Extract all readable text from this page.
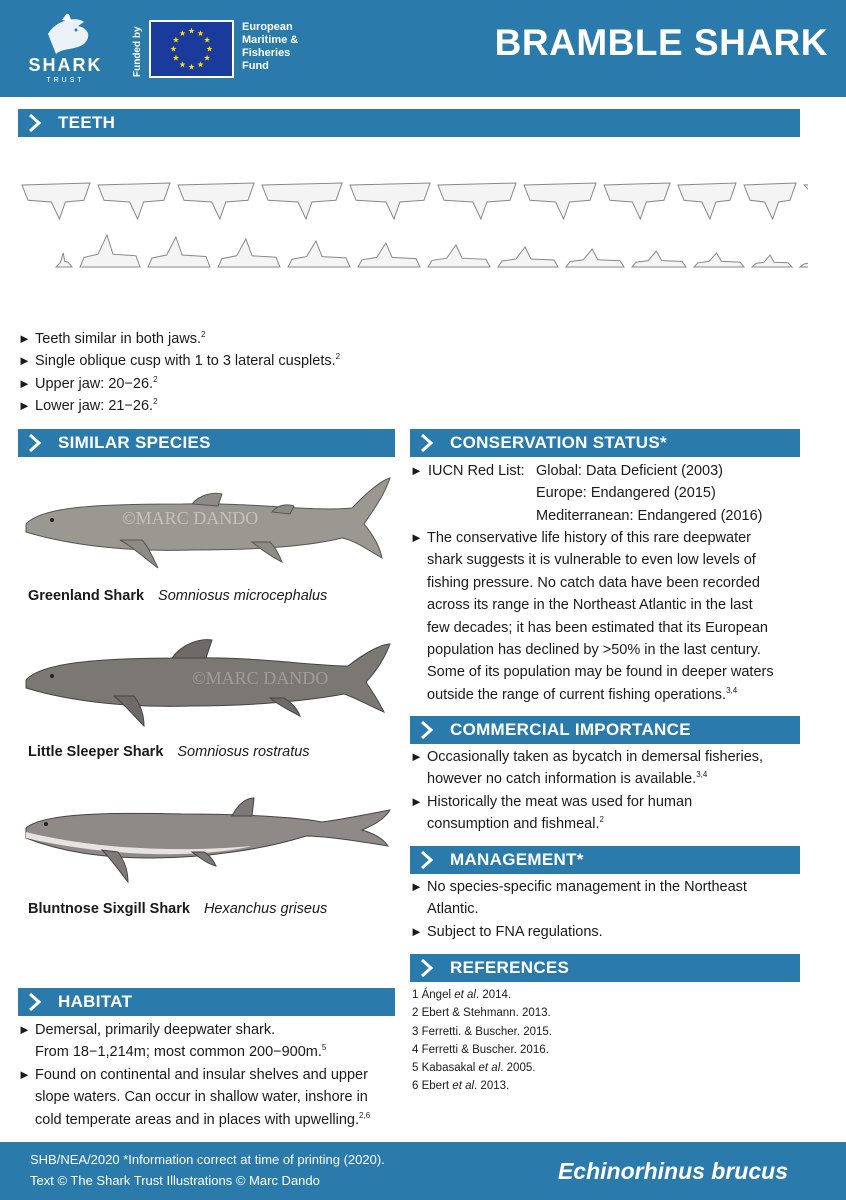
SHARK
TRUST
Funded by	European
Maritime &
Fisheries
Fund
BRAMBLE SHARK
TEETH
► Teeth similar in both jaws.$^2$
► Single oblique cusp with 1 to 3 lateral cusplets.$^2$
► Upper jaw: 20−26.$^2$
► Lower jaw: 21−26.$^2$
SIMILAR SPECIES
©MARC DANDO
Greenland Shark Somniosus microcephalus
©MARC DANDO
Little Sleeper Shark Somniosus rostratus
Bluntnose Sixgill Shark Hexanchus griseus
HABITAT
► Demersal, primarily deepwater shark.
From 18−1,214m; most common 200−900m.$^5$
► Found on continental and insular shelves and upper
slope waters. Can occur in shallow water, inshore in
cold temperate areas and in places with upwelling.$^{2,6}$
CONSERVATION STATUS*
► IUCN Red List: Global: Data Deficient (2003)
Europe: Endangered (2015)
Mediterranean: Endangered (2016)
► The conservative life history of this rare deepwater
shark suggests it is vulnerable to even low levels of
fishing pressure. No catch data have been recorded
across its range in the Northeast Atlantic in the last
few decades; it has been estimated that its European
population has declined by >50% in the last century.
Some of its population may be found in deeper waters
outside the range of current fishing operations.$^{3,4}$
COMMERCIAL IMPORTANCE
► Occasionally taken as bycatch in demersal fisheries,
however no catch information is available.$^{3,4}$
► Historically the meat was used for human
consumption and fishmeal.$^2$
MANAGEMENT*
► No species-specific management in the Northeast
Atlantic.
► Subject to FNA regulations.
REFERENCES
1 Ángel et al. 2014.
2 Ebert & Stehmann. 2013.
3 Ferretti. & Buscher. 2015.
4 Ferretti & Buscher. 2016.
5 Kabasakal et al. 2005.
6 Ebert et al. 2013.
SHB/NEA/2020 *Information correct at time of printing (2020).
Text © The Shark Trust Illustrations © Marc Dando	Echinorhinus brucus
